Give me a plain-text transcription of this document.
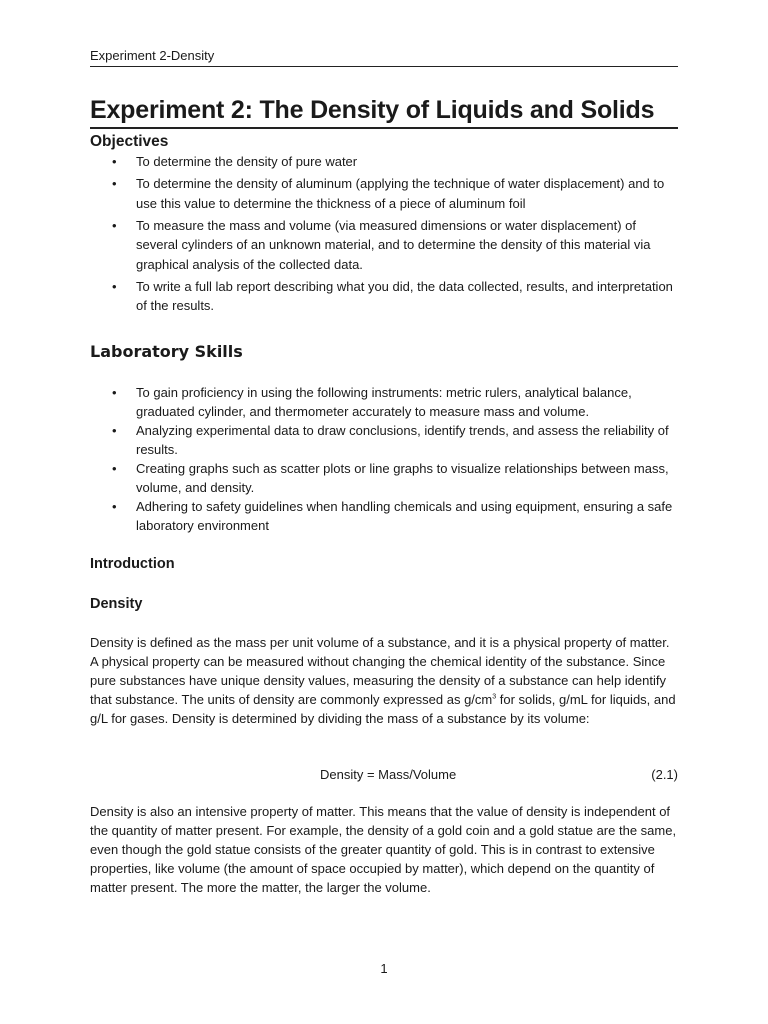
Experiment 2-Density
Experiment 2: The Density of Liquids and Solids
Objectives
• To determine the density of pure water
• To determine the density of aluminum (applying the technique of water displacement) and to use this value to determine the thickness of a piece of aluminum foil
• To measure the mass and volume (via measured dimensions or water displacement) of several cylinders of an unknown material, and to determine the density of this material via graphical analysis of the collected data.
• To write a full lab report describing what you did, the data collected, results, and interpretation of the results.
Laboratory Skills
• To gain proficiency in using the following instruments: metric rulers, analytical balance, graduated cylinder, and thermometer accurately to measure mass and volume.
• Analyzing experimental data to draw conclusions, identify trends, and assess the reliability of results.
• Creating graphs such as scatter plots or line graphs to visualize relationships between mass, volume, and density.
• Adhering to safety guidelines when handling chemicals and using equipment, ensuring a safe laboratory environment
Introduction
Density
Density is defined as the mass per unit volume of a substance, and it is a physical property of matter. A physical property can be measured without changing the chemical identity of the substance. Since pure substances have unique density values, measuring the density of a substance can help identify that substance. The units of density are commonly expressed as $g/cm^3$ for solids, g/mL for liquids, and g/L for gases. Density is determined by dividing the mass of a substance by its volume:
Density = Mass/Volume	(2.1)
Density is also an intensive property of matter. This means that the value of density is independent of the quantity of matter present. For example, the density of a gold coin and a gold statue are the same, even though the gold statue consists of the greater quantity of gold. This is in contrast to extensive properties, like volume (the amount of space occupied by matter), which depend on the quantity of matter present. The more the matter, the larger the volume.
1
